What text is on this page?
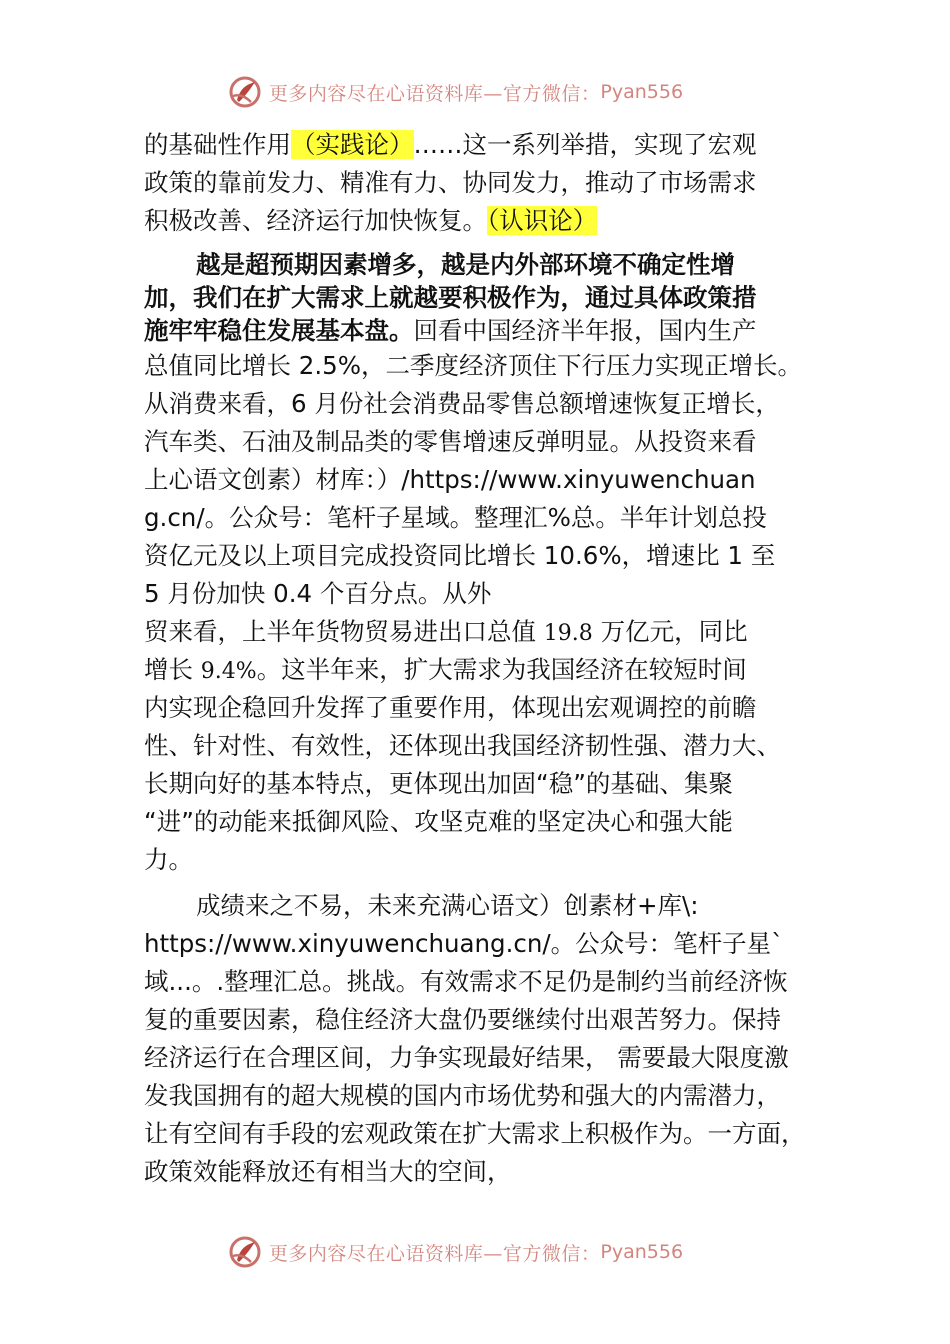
更多内容尽在心语资料库—官方微信： Pyan556
的基础性作用（实践论）……这一系列举措，实现了宏观
政策的靠前发力、精准有力、协同发力，推动了市场需求
积极改善、经济运行加快恢复。（认识论）
越是超预期因素增多，越是内外部环境不确定性增
加，我们在扩大需求上就越要积极作为，通过具体政策措
施牢牢稳住发展基本盘。回看中国经济半年报，国内生产
总值同比增长 2.5%，二季度经济顶住下行压力实现正增长。
从消费来看，6 月份社会消费品零售总额增速恢复正增长，
汽车类、石油及制品类的零售增速反弹明显。从投资来看
上心语文创素）材库：）/https://www.xinyuwenchuan
g.cn/。公众号：笔杆子星域。整理汇%总。半年计划总投
资亿元及以上项目完成投资同比增长 10.6%，增速比 1 至
5 月份加快 0.4 个百分点。从外
贸来看，上半年货物贸易进出口总值 19.8 万亿元，同比
增长 9.4%。这半年来，扩大需求为我国经济在较短时间
内实现企稳回升发挥了重要作用，体现出宏观调控的前瞻
性、针对性、有效性，还体现出我国经济韧性强、潜力大、
长期向好的基本特点，更体现出加固“稳”的基础、集聚
“进”的动能来抵御风险、攻坚克难的坚定决心和强大能
力。
成绩来之不易，未来充满心语文）创素材+库\:
https://www.xinyuwenchuang.cn/。公众号：笔杆子星`
域...。.整理汇总。挑战。有效需求不足仍是制约当前经济恢
复的重要因素，稳住经济大盘仍要继续付出艰苦努力。保持
经济运行在合理区间，力争实现最好结果， 需要最大限度激
发我国拥有的超大规模的国内市场优势和强大的内需潜力，
让有空间有手段的宏观政策在扩大需求上积极作为。一方面，
政策效能释放还有相当大的空间，
更多内容尽在心语资料库—官方微信： Pyan556
